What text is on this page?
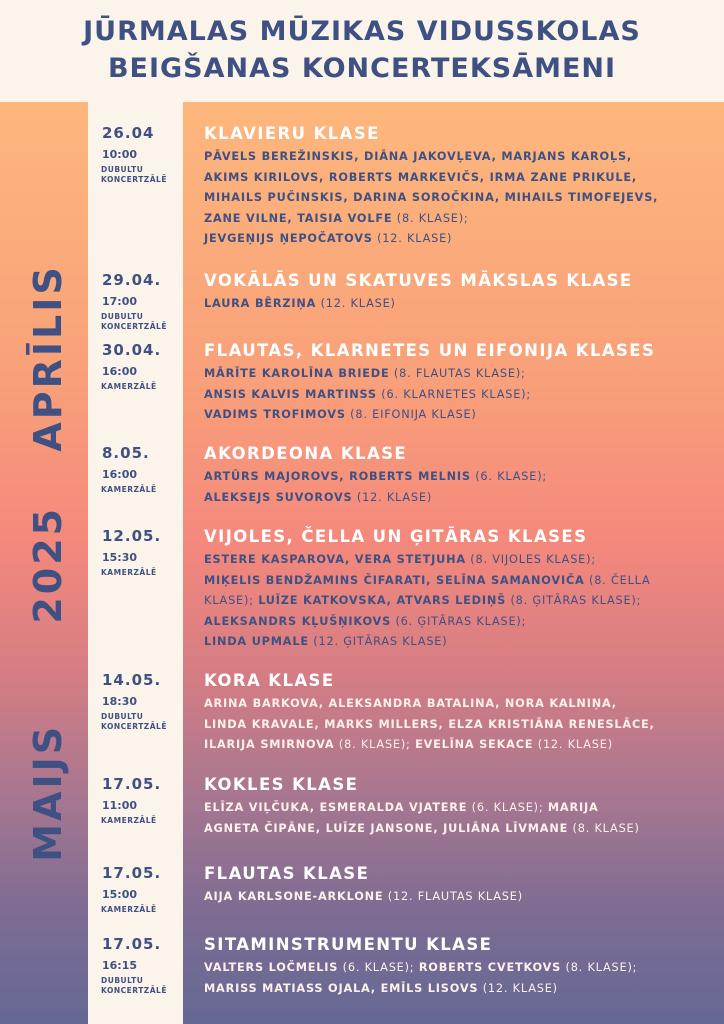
JŪRMALAS MŪZIKAS VIDUSSKOLAS
BEIGŠANAS KONCERTEKSĀMENI
MAIJS 2025 APRĪLIS
26.04
10:00
DUBULTU
KONCERTZĀLĒ
KLAVIERU KLASE
PĀVELS BEREŽINSKIS, DIĀNA JAKOVĻEVA, MARJANS KAROĻS,
AKIMS KIRILOVS, ROBERTS MARKEVIČS, IRMA ZANE PRIKULE,
MIHAILS PUČINSKIS, DARINA SOROČKINA, MIHAILS TIMOFEJEVS,
ZANE VILNE, TAISIA VOLFE (8. KLASE);
JEVGEŅIJS ŅEPOČATOVS (12. KLASE)
29.04.
17:00
DUBULTU
KONCERTZĀLĒ
VOKĀLĀS UN SKATUVES MĀKSLAS KLASE
LAURA BĒRZIŅA (12. KLASE)
30.04.
16:00
KAMERZĀLĒ
FLAUTAS, KLARNETES UN EIFONIJA KLASES
MĀRĪTE KAROLĪNA BRIEDE (8. FLAUTAS KLASE);
ANSIS KALVIS MARTINSS (6. KLARNETES KLASE);
VADIMS TROFIMOVS (8. EIFONIJA KLASE)
8.05.
16:00
KAMERZĀLĒ
AKORDEONA KLASE
ARTŪRS MAJOROVS, ROBERTS MELNIS (6. KLASE);
ALEKSEJS SUVOROVS (12. KLASE)
12.05.
15:30
KAMERZĀLĒ
VIJOLES, ČELLA UN ĢITĀRAS KLASES
ESTERE KASPAROVA, VERA STETJUHA (8. VIJOLES KLASE);
MIĶELIS BENDŽAMINS ČIFARATI, SELĪNA SAMANOVIČA (8. ČELLA
KLASE); LUĪZE KATKOVSKA, ATVARS LEDIŅŠ (8. ĢITĀRAS KLASE);
ALEKSANDRS KĻUŠŅIKOVS (6. ĢITĀRAS KLASE);
LINDA UPMALE (12. ĢITĀRAS KLASE)
14.05.
18:30
DUBULTU
KONCERTZĀLĒ
KORA KLASE
ARINA BARKOVA, ALEKSANDRA BATALINA, NORA KALNIŅA,
LINDA KRAVALE, MARKS MILLERS, ELZA KRISTIĀNA RENESLĀCE,
ILARIJA SMIRNOVA (8. KLASE); EVELĪNA SEKACE (12. KLASE)
17.05.
11:00
KAMERZĀLĒ
KOKLES KLASE
ELĪZA VIĻČUKA, ESMERALDA VJATERE (6. KLASE); MARIJA
AGNETA ČIPĀNE, LUĪZE JANSONE, JULIĀNA LĪVMANE (8. KLASE)
17.05.
15:00
KAMERZĀLĒ
FLAUTAS KLASE
AIJA KARLSONE-ARKLONE (12. FLAUTAS KLASE)
17.05.
16:15
DUBULTU
KONCERTZĀLĒ
SITAMINSTRUMENTU KLASE
VALTERS LOČMELIS (6. KLASE); ROBERTS CVETKOVS (8. KLASE);
MARISS MATIASS OJALA, EMĪLS LISOVS (12. KLASE)
